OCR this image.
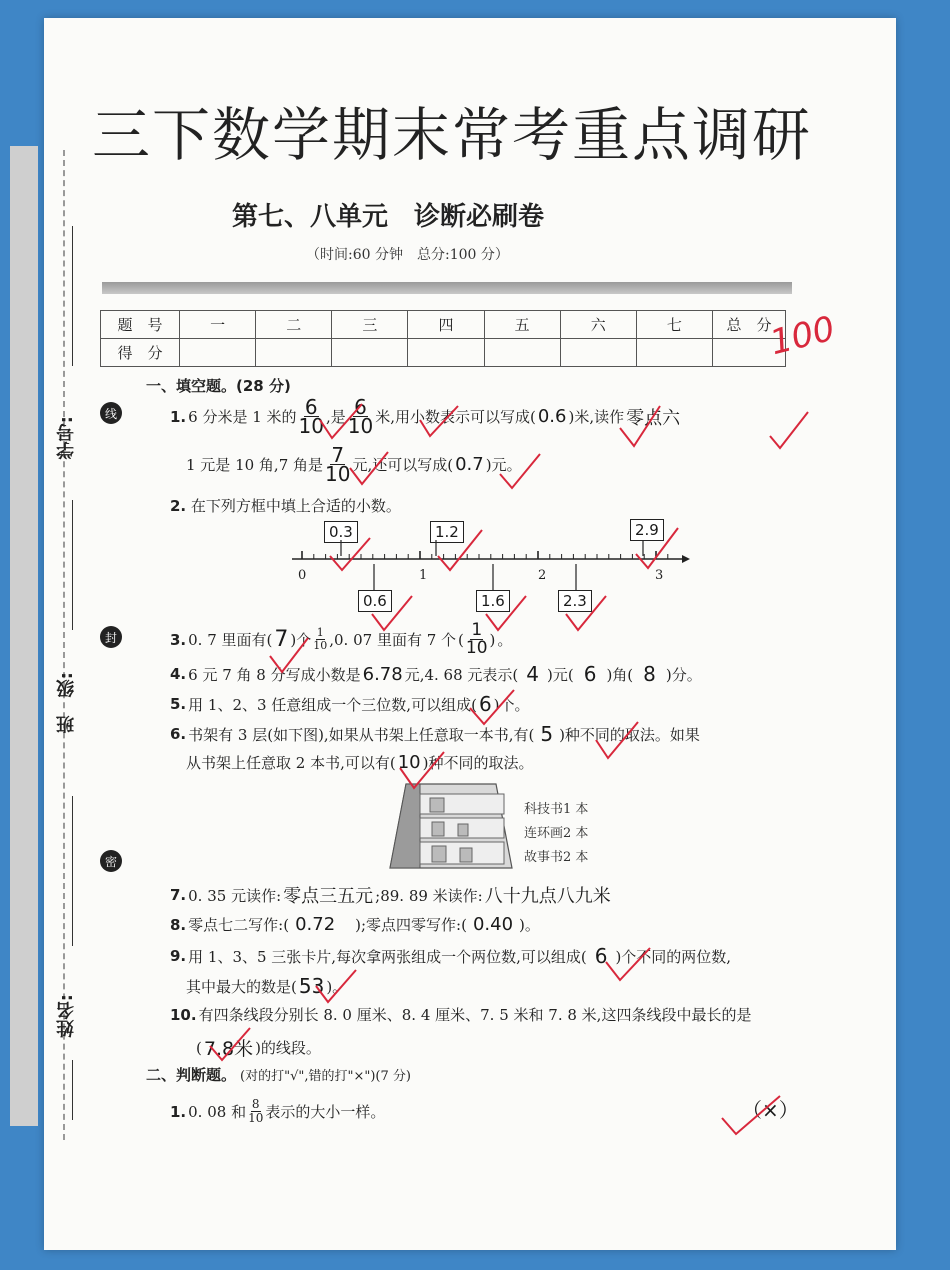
线
封
密
学号:
班　级:
姓名:
三下数学期末常考重点调研
第七、八单元　诊断必刷卷
（时间:60 分钟　总分:100 分）
题　号	一	二	三	四	五	六	七	总　分
得　分									100
一、填空题。(28 分)
1. 6 分米是 1 米的 $\frac{6}{10}$ ,是 $\frac{6}{10}$ 米,用小数表示可以写成( 0.6 )米,读作 零点六
1 元是 10 角,7 角是 $\frac{7}{10}$ 元,还可以写成( 0.7 )元。
2. 在下列方框中填上合适的小数。
0	1	2	3
0.3	1.2	2.9
0.6	1.6	2.3
3. 0. 7 里面有( 7 )个 $\frac{1}{10} ,0$. 07 里面有 7 个 ( $\frac{1}{10}$ ) 。
4. 6 元 7 角 8 分写成小数是 6.78 元,4. 68 元表示( 4 )元( 6 )角( 8 )分。
5. 用 1、2、3 任意组成一个三位数,可以组成( 6 )个。
6. 书架有 3 层(如下图),如果从书架上任意取一本书,有( 5 )种不同的取法。如果
从书架上任意取 2 本书,可以有( 10 )种不同的取法。
科技书1 本
连环画2 本
故事书2 本
7. 0. 35 元读作: 零点三五元 ;89. 89 米读作: 八十九点八九米
8. 零点七二写作:( 0.72	);零点四零写作:( 0.40 )。
9. 用 1、3、5 三张卡片,每次拿两张组成一个两位数,可以组成( 6 )个不同的两位数,
其中最大的数是( 53 )。
10. 有四条线段分别长 8. 0 厘米、8. 4 厘米、7. 5 米和 7. 8 米,这四条线段中最长的是
( 7.8米 )的线段。
二、判断题。 (对的打"√",错的打"×")(7 分)
1. 0. 08 和 $\frac{8}{10}$ 表示的大小一样。	（×）
